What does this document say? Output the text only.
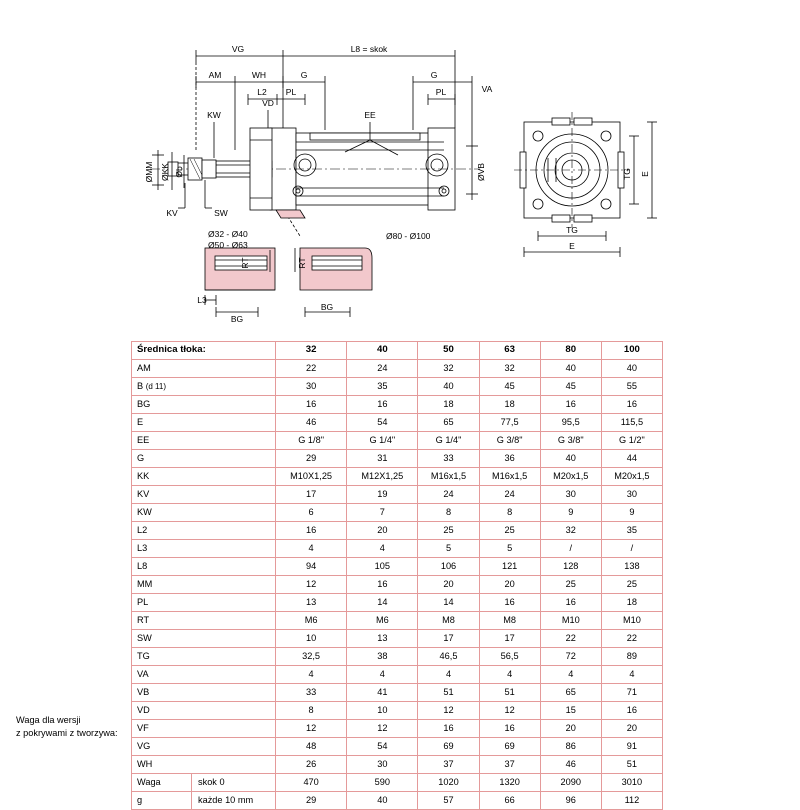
VG	L8 = skok
AM	WH	G	G
VA
L2 PL	PL
KW
VD
EE
ØMM ØKK Øb	ØVB
KV	SW
RT	RT
L3
BG
BG
TG E
TG
E
Ø32 - Ø40
Ø50 - Ø63
Ø80 - Ø100
Średnica tłoka:		32	40	50	63	80	100
AM		22	24	32	32	40	40
B (d 11)		30	35	40	45	45	55
BG		16	16	18	18	16	16
E		46	54	65	77,5	95,5	115,5
EE		G 1/8"	G 1/4"	G 1/4"	G 3/8"	G 3/8"	G 1/2"
G		29	31	33	36	40	44
KK		M10X1,25	M12X1,25	M16x1,5	M16x1,5	M20x1,5	M20x1,5
KV		17	19	24	24	30	30
KW		6	7	8	8	9	9
L2		16	20	25	25	32	35
L3		4	4	5	5	/	/
L8		94	105	106	121	128	138
MM		12	16	20	20	25	25
PL		13	14	14	16	16	18
RT		M6	M6	M8	M8	M10	M10
SW		10	13	17	17	22	22
TG		32,5	38	46,5	56,5	72	89
VA		4	4	4	4	4	4
VB		33	41	51	51	65	71
VD		8	10	12	12	15	16
VF		12	12	16	16	20	20
VG		48	54	69	69	86	91
WH		26	30	37	37	46	51
Waga	skok 0	470	590	1020	1320	2090	3010
g	każde 10 mm	29	40	57	66	96	112
Waga dla wersji
z pokrywami z tworzywa:
